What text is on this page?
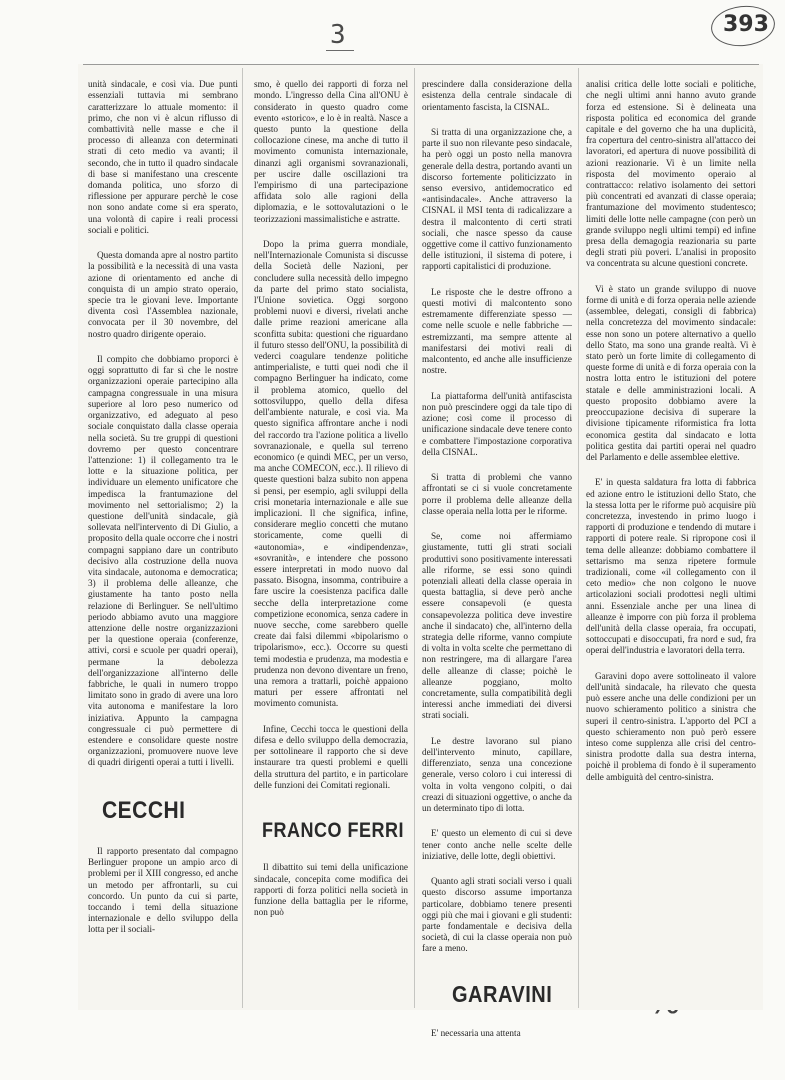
3	393

unità sindacale, e così via. Due punti essenziali tuttavia mi sembrano caratterizzare lo attuale momento: il primo, che non vi è alcun riflusso di combattività nelle masse e che il processo di alleanza con determinati strati di ceto medio va avanti; il secondo, che in tutto il quadro sindacale di base si manifestano una crescente domanda politica, uno sforzo di riflessione per appurare perchè le cose non sono andate come si era sperato, una volontà di capire i reali processi sociali e politici.

Questa domanda apre al nostro partito la possibilità e la necessità di una vasta azione di orientamento ed anche di conquista di un ampio strato operaio, specie tra le giovani leve. Importante diventa così l'Assemblea nazionale, convocata per il 30 novembre, del nostro quadro dirigente operaio.

Il compito che dobbiamo proporci è oggi soprattutto di far sì che le nostre organizzazioni operaie partecipino alla campagna congressuale in una misura superiore al loro peso numerico od organizzativo, ed adeguato al peso sociale conquistato dalla classe operaia nella società. Su tre gruppi di questioni dovremo per questo concentrare l'attenzione: 1) il collegamento tra le lotte e la situazione politica, per individuare un elemento unificatore che impedisca la frantumazione del movimento nel settorialismo; 2) la questione dell'unità sindacale, già sollevata nell'intervento di Di Giulio, a proposito della quale occorre che i nostri compagni sappiano dare un contributo decisivo alla costruzione della nuova vita sindacale, autonoma e democratica; 3) il problema delle alleanze, che giustamente ha tanto posto nella relazione di Berlinguer. Se nell'ultimo periodo abbiamo avuto una maggiore attenzione delle nostre organizzazioni per la questione operaia (conferenze, attivi, corsi e scuole per quadri operai), permane la debolezza dell'organizzazione all'interno delle fabbriche, le quali in numero troppo limitato sono in grado di avere una loro vita autonoma e manifestare la loro iniziativa. Appunto la campagna congressuale ci può permettere di estendere e consolidare queste nostre organizzazioni, promuovere nuove leve di quadri dirigenti operai a tutti i livelli.

CECCHI

Il rapporto presentato dal compagno Berlinguer propone un ampio arco di problemi per il XIII congresso, ed anche un metodo per affrontarli, su cui concordo. Un punto da cui si parte, toccando i temi della situazione internazionale e dello sviluppo della lotta per il sociali-

smo, è quello dei rapporti di forza nel mondo. L'ingresso della Cina all'ONU è considerato in questo quadro come evento «storico», e lo è in realtà. Nasce a questo punto la questione della collocazione cinese, ma anche di tutto il movimento comunista internazionale, dinanzi agli organismi sovranazionali, per uscire dalle oscillazioni tra l'empirismo di una partecipazione affidata solo alle ragioni della diplomazia, e le sottovalutazioni o le teorizzazioni massimalistiche e astratte.

Dopo la prima guerra mondiale, nell'Internazionale Comunista si discusse della Società delle Nazioni, per concludere sulla necessità dello impegno da parte del primo stato socialista, l'Unione sovietica. Oggi sorgono problemi nuovi e diversi, rivelati anche dalle prime reazioni americane alla sconfitta subita: questioni che riguardano il futuro stesso dell'ONU, la possibilità di vederci coagulare tendenze politiche antimperialiste, e tutti quei nodi che il compagno Berlinguer ha indicato, come il problema atomico, quello del sottosviluppo, quello della difesa dell'ambiente naturale, e così via. Ma questo significa affrontare anche i nodi del raccordo tra l'azione politica a livello sovranazionale, e quella sul terreno economico (e quindi MEC, per un verso, ma anche COMECON, ecc.). Il rilievo di queste questioni balza subito non appena si pensi, per esempio, agli sviluppi della crisi monetaria internazionale e alle sue implicazioni. Il che significa, infine, considerare meglio concetti che mutano storicamente, come quelli di «autonomia», e «indipendenza», «sovranità», e intendere che possono essere interpretati in modo nuovo dal passato. Bisogna, insomma, contribuire a fare uscire la coesistenza pacifica dalle secche della interpretazione come competizione economica, senza cadere in nuove secche, come sarebbero quelle create dai falsi dilemmi «bipolarismo o tripolarismo», ecc.). Occorre su questi temi modestia e prudenza, ma modestia e prudenza non devono diventare un freno, una remora a trattarli, poichè appaiono maturi per essere affrontati nel movimento comunista.

Infine, Cecchi tocca le questioni della difesa e dello sviluppo della democrazia, per sottolineare il rapporto che si deve instaurare tra questi problemi e quelli della struttura del partito, e in particolare delle funzioni dei Comitati regionali.

FRANCO FERRI

Il dibattito sui temi della unificazione sindacale, concepita come modifica dei rapporti di forza politici nella società in funzione della battaglia per le riforme, non può

prescindere dalla considerazione della esistenza della centrale sindacale di orientamento fascista, la CISNAL.

Si tratta di una organizzazione che, a parte il suo non rilevante peso sindacale, ha però oggi un posto nella manovra generale della destra, portando avanti un discorso fortemente politicizzato in senso eversivo, antidemocratico ed «antisindacale». Anche attraverso la CISNAL il MSI tenta di radicalizzare a destra il malcontento di certi strati sociali, che nasce spesso da cause oggettive come il cattivo funzionamento delle istituzioni, il sistema di potere, i rapporti capitalistici di produzione.

Le risposte che le destre offrono a questi motivi di malcontento sono estremamente differenziate spesso — come nelle scuole e nelle fabbriche — estremizzanti, ma sempre attente al manifestarsi dei motivi reali di malcontento, ed anche alle insufficienze nostre.

La piattaforma dell'unità antifascista non può prescindere oggi da tale tipo di azione; così come il processo di unificazione sindacale deve tenere conto e combattere l'impostazione corporativa della CISNAL.

Si tratta di problemi che vanno affrontati se ci si vuole concretamente porre il problema delle alleanze della classe operaia nella lotta per le riforme.

Se, come noi affermiamo giustamente, tutti gli strati sociali produttivi sono positivamente interessati alle riforme, se essi sono quindi potenziali alleati della classe operaia in questa battaglia, si deve però anche essere consapevoli (e questa consapevolezza politica deve investire anche il sindacato) che, all'interno della strategia delle riforme, vanno compiute di volta in volta scelte che permettano di non restringere, ma di allargare l'area delle alleanze di classe; poichè le alleanze poggiano, molto concretamente, sulla compatibilità degli interessi anche immediati dei diversi strati sociali.

Le destre lavorano sul piano dell'intervento minuto, capillare, differenziato, senza una concezione generale, verso coloro i cui interessi di volta in volta vengono colpiti, o dai creazi di situazioni oggettive, o anche da un determinato tipo di lotta.

E' questo un elemento di cui si deve tener conto anche nelle scelte delle iniziative, delle lotte, degli obiettivi.

Quanto agli strati sociali verso i quali questo discorso assume importanza particolare, dobbiamo tenere presenti oggi più che mai i giovani e gli studenti: parte fondamentale e decisiva della società, di cui la classe operaia non può fare a meno.

GARAVINI

E' necessaria una attenta

analisi critica delle lotte sociali e politiche, che negli ultimi anni hanno avuto grande forza ed estensione. Si è delineata una risposta politica ed economica del grande capitale e del governo che ha una duplicità, fra copertura del centro-sinistra all'attacco dei lavoratori, ed apertura di nuove possibilità di azioni reazionarie. Vi è un limite nella risposta del movimento operaio al contrattacco: relativo isolamento dei settori più concentrati ed avanzati di classe operaia; frantumazione del movimento studentesco; limiti delle lotte nelle campagne (con però un grande sviluppo negli ultimi tempi) ed infine presa della demagogia reazionaria su parte degli strati più poveri. L'analisi in proposito va concentrata su alcune questioni concrete.

Vi è stato un grande sviluppo di nuove forme di unità e di forza operaia nelle aziende (assemblee, delegati, consigli di fabbrica) nella concretezza del movimento sindacale: esse non sono un potere alternativo a quello dello Stato, ma sono una grande realtà. Vi è stato però un forte limite di collegamento di queste forme di unità e di forza operaia con la nostra lotta entro le istituzioni del potere statale e delle amministrazioni locali. A questo proposito dobbiamo avere la preoccupazione decisiva di superare la divisione tipicamente riformistica fra lotta economica gestita dal sindacato e lotta politica gestita dai partiti operai nel quadro del Parlamento e delle assemblee elettive.

E' in questa saldatura fra lotta di fabbrica ed azione entro le istituzioni dello Stato, che la stessa lotta per le riforme può acquisire più concretezza, investendo in primo luogo i rapporti di produzione e tendendo di mutare i rapporti di potere reale. Si ripropone così il tema delle alleanze: dobbiamo combattere il settarismo ma senza ripetere formule tradizionali, come «il collegamento con il ceto medio» che non colgono le nuove articolazioni sociali prodottesi negli ultimi anni. Essenziale anche per una linea di alleanze è imporre con più forza il problema dell'unità della classe operaia, fra occupati, sottoccupati e disoccupati, fra nord e sud, fra operai dell'industria e lavoratori della terra.

Garavini dopo avere sottolineato il valore dell'unità sindacale, ha rilevato che questa può essere anche una delle condizioni per un nuovo schieramento politico a sinistra che superi il centro-sinistra. L'apporto del PCI a questo schieramento non può però essere inteso come supplenza alle crisi del centro-sinistra prodotte dalla sua destra interna, poichè il problema di fondo è il superamento delle ambiguità del centro-sinistra.
